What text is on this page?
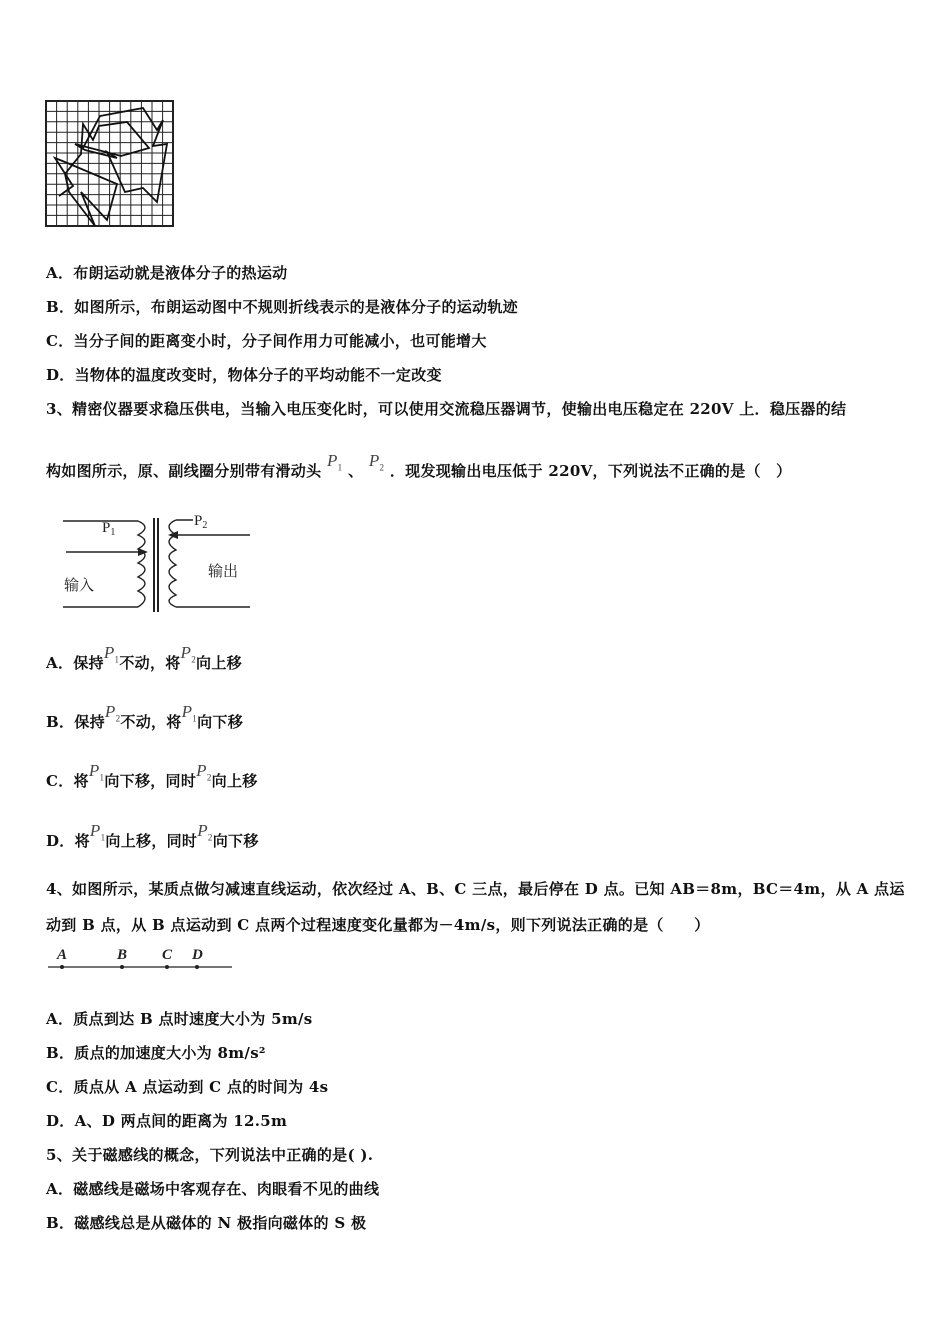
A．布朗运动就是液体分子的热运动
B．如图所示，布朗运动图中不规则折线表示的是液体分子的运动轨迹
C．当分子间的距离变小时，分子间作用力可能减小，也可能增大
D．当物体的温度改变时，物体分子的平均动能不一定改变
3、精密仪器要求稳压供电，当输入电压变化时，可以使用交流稳压器调节，使输出电压稳定在 220V 上．稳压器的结
构如图所示，原、副线圈分别带有滑动头 $P_1$ 、 $P_2$ ．现发现输出电压低于 220V，下列说法不正确的是（　）
$P_1$
$P_2$
输入
输出
A．保持$P_1$不动，将$P_2$向上移
B．保持$P_2$不动，将$P_1$向下移
C．将$P_1$向下移，同时$P_2$向上移
D．将$P_1$向上移，同时$P_2$向下移
4、如图所示，某质点做匀减速直线运动，依次经过 A、B、C 三点，最后停在 D 点。已知 AB＝8m，BC＝4m，从 A 点运
动到 B 点，从 B 点运动到 C 点两个过程速度变化量都为－4m/s，则下列说法正确的是（　　）
A	B C D
A．质点到达 B 点时速度大小为 5m/s
B．质点的加速度大小为 8m/s²
C．质点从 A 点运动到 C 点的时间为 4s
D．A、D 两点间的距离为 12.5m
5、关于磁感线的概念，下列说法中正确的是( ).
A．磁感线是磁场中客观存在、肉眼看不见的曲线
B．磁感线总是从磁体的 N 极指向磁体的 S 极
